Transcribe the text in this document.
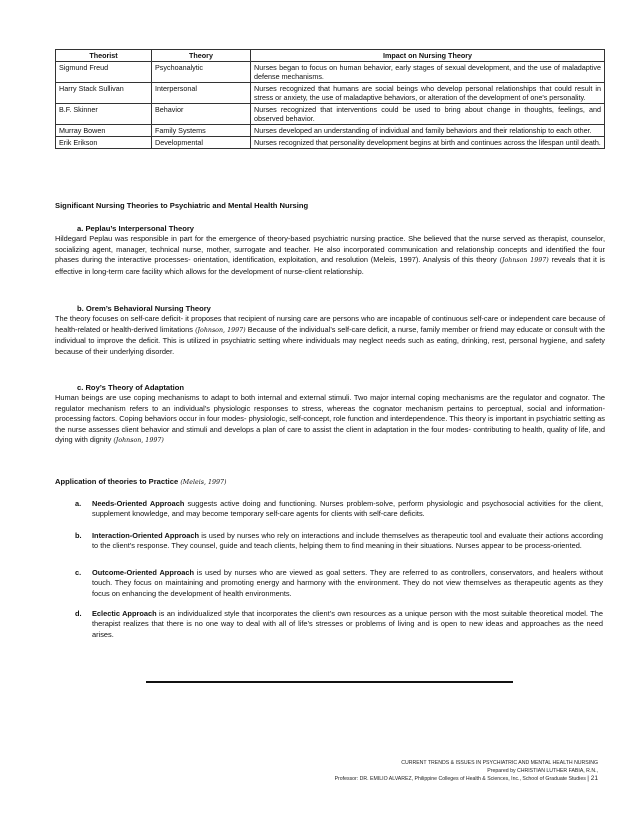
Theorist	Theory	Impact on Nursing Theory
Sigmund Freud	Psychoanalytic	Nurses began to focus on human behavior, early stages of sexual development, and the use of maladaptive defense mechanisms.
Harry Stack Sullivan	Interpersonal	Nurses recognized that humans are social beings who develop personal relationships that could result in stress or anxiety, the use of maladaptive behaviors, or alteration of the development of one's personality.
B.F. Skinner	Behavior	Nurses recognized that interventions could be used to bring about change in thoughts, feelings, and observed behavior.
Murray Bowen	Family Systems	Nurses developed an understanding of individual and family behaviors and their relationship to each other.
Erik Erikson	Developmental	Nurses recognized that personality development begins at birth and continues across the lifespan until death.
Significant Nursing Theories to Psychiatric and Mental Health Nursing
a. Peplau’s Interpersonal Theory
Hildegard Peplau was responsible in part for the emergence of theory-based psychiatric nursing practice. She believed that the nurse served as therapist, counselor, socializing agent, manager, technical nurse, mother, surrogate and teacher. He also incorporated communication and relationship concepts and identified the four phases during the interactive processes- orientation, identification, exploitation, and resolution (Meleis, 1997). Analysis of this theory (Johnson 1997) reveals that it is effective in long-term care facility which allows for the development of nurse-client relationship.
b. Orem’s Behavioral Nursing Theory
The theory focuses on self-care deficit- it proposes that recipient of nursing care are persons who are incapable of continuous self-care or independent care because of health-related or health-derived limitations (Johnson, 1997) Because of the individual’s self-care deficit, a nurse, family member or friend may educate or consult with the individual to improve the deficit. This is utilized in psychiatric setting where individuals may neglect needs such as eating, drinking, rest, personal hygiene, and safety because of their underlying disorder.
c. Roy’s Theory of Adaptation
Human beings are use coping mechanisms to adapt to both internal and external stimuli. Two major internal coping mechanisms are the regulator and cognator. The regulator mechanism refers to an individual’s physiologic responses to stress, whereas the cognator mechanism pertains to perceptual, social and information-processing factors. Coping behaviors occur in four modes- physiologic, self-concept, role function and interdependence. This theory is important in psychiatric setting as the nurse assesses client behavior and stimuli and develops a plan of care to assist the client in adaptation in the four modes- contributing to health, quality of life, and dying with dignity (Johnson, 1997)
Application of theories to Practice (Meleis, 1997)
a. Needs-Oriented Approach suggests active doing and functioning. Nurses problem-solve, perform physiologic and psychosocial activities for the client, supplement knowledge, and may become temporary self-care agents for clients with self-care deficits.
b. Interaction-Oriented Approach is used by nurses who rely on interactions and include themselves as therapeutic tool and evaluate their actions according to the client’s response. They counsel, guide and teach clients, helping them to find meaning in their situations. Nurses appear to be process-oriented.
c. Outcome-Oriented Approach is used by nurses who are viewed as goal setters. They are referred to as controllers, conservators, and healers without touch. They focus on maintaining and promoting energy and harmony with the environment. They do not view themselves as therapeutic agents as they focus on enhancing the development of health environments.
d. Eclectic Approach is an individualized style that incorporates the client’s own resources as a unique person with the most suitable theoretical model. The therapist realizes that there is no one way to deal with all of life’s stresses or problems of living and is open to new ideas and approaches as the need arises.
CURRENT TRENDS & ISSUES IN PSYCHIATRIC AND MENTAL HEALTH NURSING
Prepared by CHRISTIAN LUTHER FABIA, R.N.,
Professor: DR. EMILIO ALVAREZ, Philippine Colleges of Health & Sciences, Inc., School of Graduate Studies | 21
